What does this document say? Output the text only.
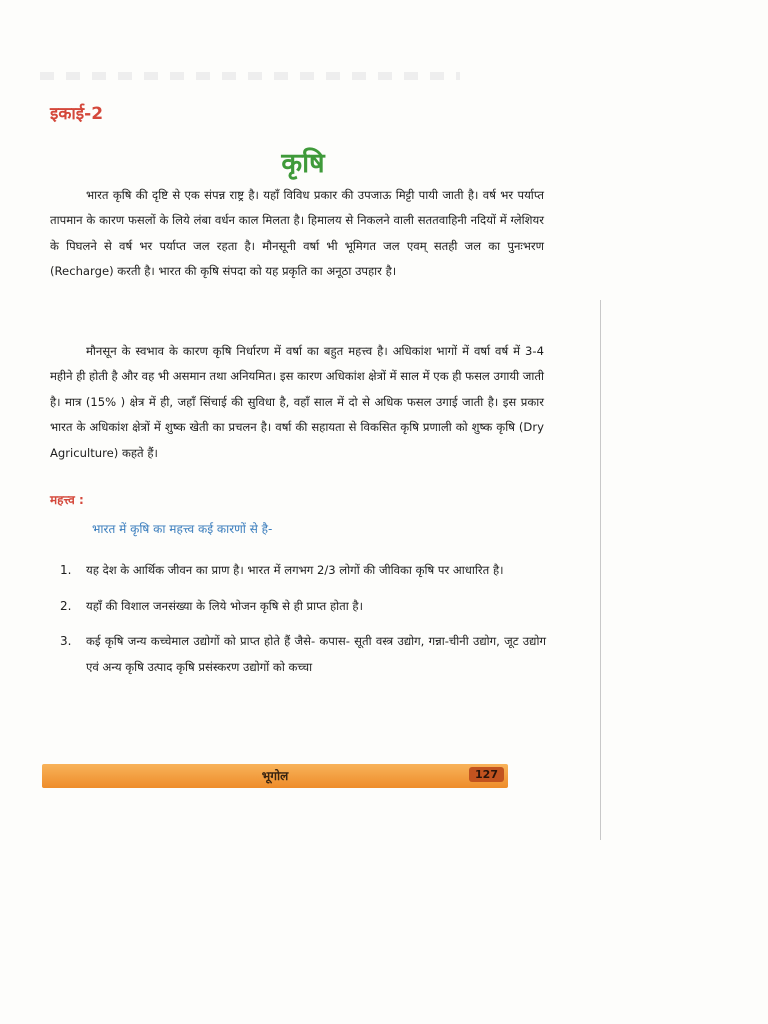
इकाई-2
कृषि

भारत कृषि की दृष्टि से एक संपन्न राष्ट्र है। यहाँ विविध प्रकार की उपजाऊ मिट्टी पायी जाती है। वर्ष भर पर्याप्त तापमान के कारण फसलों के लिये लंबा वर्धन काल मिलता है। हिमालय से निकलने वाली सततवाहिनी नदियों में ग्लेशियर के पिघलने से वर्ष भर पर्याप्त जल रहता है। मौनसूनी वर्षा भी भूमिगत जल एवम् सतही जल का पुनःभरण (Recharge) करती है। भारत की कृषि संपदा को यह प्रकृति का अनूठा उपहार है।

मौनसून के स्वभाव के कारण कृषि निर्धारण में वर्षा का बहुत महत्त्व है। अधिकांश भागों में वर्षा वर्ष में 3-4 महीने ही होती है और वह भी असमान तथा अनियमित। इस कारण अधिकांश क्षेत्रों में साल में एक ही फसल उगायी जाती है। मात्र (15% ) क्षेत्र में ही, जहाँ सिंचाई की सुविधा है, वहाँ साल में दो से अधिक फसल उगाई जाती है। इस प्रकार भारत के अधिकांश क्षेत्रों में शुष्क खेती का प्रचलन है। वर्षा की सहायता से विकसित कृषि प्रणाली को शुष्क कृषि (Dry Agriculture) कहते हैं।

महत्त्व :
भारत में कृषि का महत्त्व कई कारणों से है-
1.	यह देश के आर्थिक जीवन का प्राण है। भारत में लगभग 2/3 लोगों की जीविका कृषि पर आधारित है।
2.	यहाँ की विशाल जनसंख्या के लिये भोजन कृषि से ही प्राप्त होता है।
3.	कई कृषि जन्य कच्चेमाल उद्योगों को प्राप्त होते हैं जैसे- कपास- सूती वस्त्र उद्योग, गन्ना-चीनी उद्योग, जूट उद्योग एवं अन्य कृषि उत्पाद कृषि प्रसंस्करण उद्योगों को कच्चा
भूगोल	127
